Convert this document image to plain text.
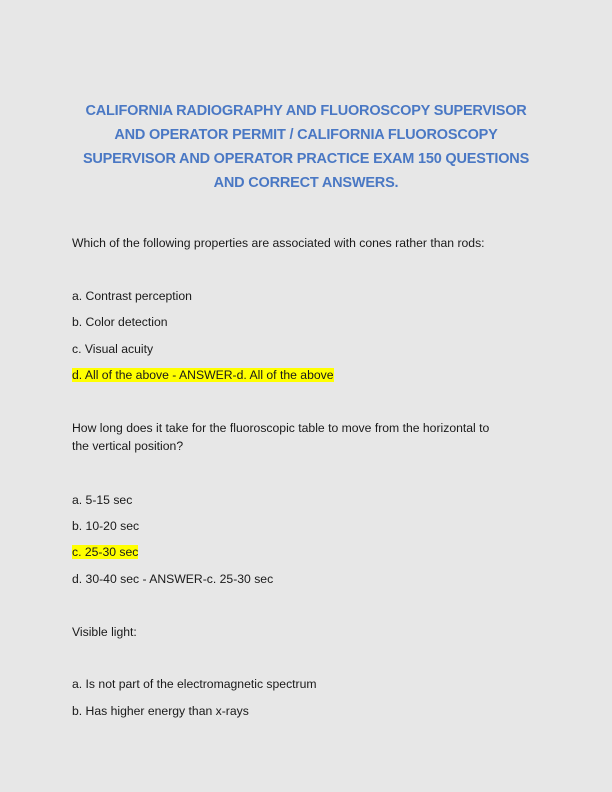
CALIFORNIA RADIOGRAPHY AND FLUOROSCOPY SUPERVISOR
AND OPERATOR PERMIT / CALIFORNIA FLUOROSCOPY
SUPERVISOR AND OPERATOR PRACTICE EXAM 150 QUESTIONS
AND CORRECT ANSWERS.
Which of the following properties are associated with cones rather than rods:
a. Contrast perception
b. Color detection
c. Visual acuity
d. All of the above - ANSWER-d. All of the above
How long does it take for the fluoroscopic table to move from the horizontal to
the vertical position?
a. 5-15 sec
b. 10-20 sec
c. 25-30 sec
d. 30-40 sec - ANSWER-c. 25-30 sec
Visible light:
a. Is not part of the electromagnetic spectrum
b. Has higher energy than x-rays
